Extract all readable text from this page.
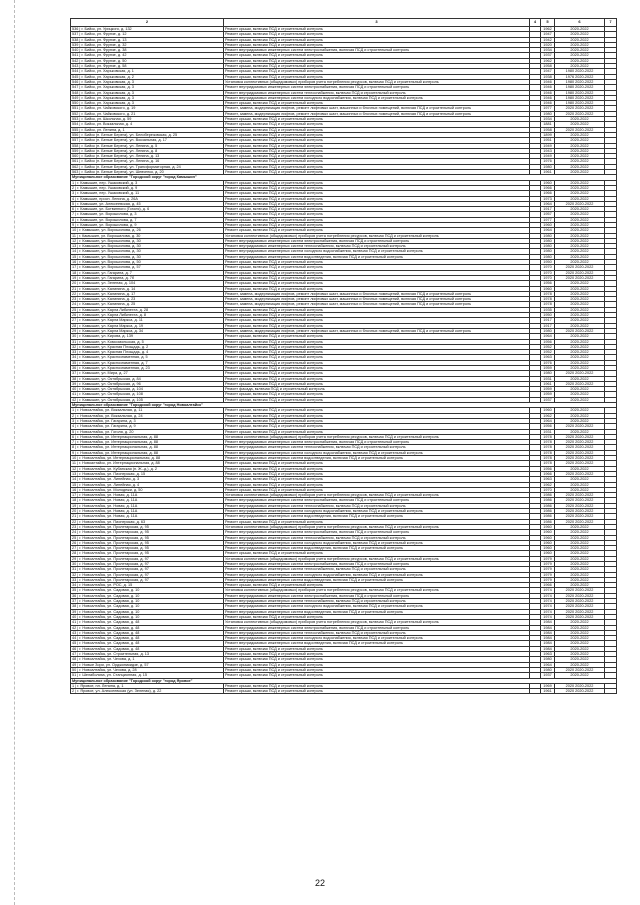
2	3	4	5	6	7
536 | г. Бийск, ул. Урицкого, д. 132	Ремонт крыши, включая ПСД и строительный контроль		1962	2020-2022	
537 | г. Бийск, ул. Фрунзе, д. 12	Ремонт крыши, включая ПСД и строительный контроль		1947	2020-2022	
538 | г. Бийск, ул. Фрунзе, д. 13	Ремонт крыши, включая ПСД и строительный контроль		1942	2020-2022	
539 | г. Бийск, ул. Фрунзе, д. 32	Ремонт крыши, включая ПСД и строительный контроль		1920	2020-2022	
540 | г. Бийск, ул. Фрунзе, д. 38	Ремонт внутридомовых инженерных систем электроснабжения, включая ПСД и строительный контроль		1934	2020-2022	
541 | г. Бийск, ул. Фрунзе, д. 42	Ремонт крыши, включая ПСД и строительный контроль		1937	2020-2022	
542 | г. Бийск, ул. Фрунзе, д. 50	Ремонт крыши, включая ПСД и строительный контроль		1962	2020-2022	
543 | г. Бийск, ул. Фрунзе, д. 58	Ремонт крыши, включая ПСД и строительный контроль		1958	2020-2022	
544 | г. Бийск, ул. Харьковская, д. 1	Ремонт крыши, включая ПСД и строительный контроль		1947	1980 2020-2022	
545 | г. Бийск, ул. Харьковская, д. 2	Ремонт крыши, включая ПСД и строительный контроль		1938	1976 2020-2022	
546 | г. Бийск, ул. Харьковская, д. 3	Установка коллективных (общедомовых) приборов учета потребления ресурсов, включая ПСД и строительный контроль		1946	1980 2020-2022	
547 | г. Бийск, ул. Харьковская, д. 3	Ремонт внутридомовых инженерных систем электроснабжения, включая ПСД и строительный контроль		1946	1980 2020-2022	
548 | г. Бийск, ул. Харьковская, д. 3	Ремонт внутридомовых инженерных систем теплоснабжения, включая ПСД и строительный контроль		1946	1980 2020-2022	
549 | г. Бийск, ул. Харьковская, д. 3	Ремонт внутридомовых инженерных систем холодного водоснабжения, включая ПСД и строительный контроль		1946	1980 2020-2022	
550 | г. Бийск, ул. Харьковская, д. 3	Ремонт крыши, включая ПСД и строительный контроль		1946	1980 2020-2022	
551 | г. Бийск, ул. Чайковского, д. 19	Ремонт, замена, модернизация лифтов, ремонт лифтовых шахт, машинных и блочных помещений, включая ПСД и строительный контроль		1977	2020 2020-2022	
552 | г. Бийск, ул. Чайковского, д. 21	Ремонт, замена, модернизация лифтов, ремонт лифтовых шахт, машинных и блочных помещений, включая ПСД и строительный контроль		1980	2020 2020-2022	
553 | г. Бийск, ул. Школьная, д. 59	Ремонт крыши, включая ПСД и строительный контроль		1934	2020-2022	
554 | г. Бийск, ул. Вокзальная, д. 4	Ремонт крыши, включая ПСД и строительный контроль		1881	2020-2022	
555 | г. Бийск, ул. Ленина, д. 1	Ремонт крыши, включая ПСД и строительный контроль		1958	2020 2020-2022	
556 | г. Бийск (п. Белые Берега), ул. Белоберезовская, д. 25	Ремонт крыши, включая ПСД и строительный контроль		1899	2020-2022	
557 | г. Бийск (п. Белые Берега), ул. Вокзальная, д. 17	Ремонт крыши, включая ПСД и строительный контроль		1951	2020-2022	
558 | г. Бийск (п. Белые Берега), ул. Ленина, д. 5	Ремонт крыши, включая ПСД и строительный контроль		1949	2020-2022	
559 | г. Бийск (п. Белые Берега), ул. Ленина, д. 8	Ремонт крыши, включая ПСД и строительный контроль		1943	2020-2022	
560 | г. Бийск (п. Белые Берега), ул. Ленина, д. 13	Ремонт крыши, включая ПСД и строительный контроль		1949	2020-2022	
561 | г. Бийск (п. Белые Берега), ул. Ленина, д. 16	Ремонт крыши, включая ПСД и строительный контроль		1976	2020-2022	
562 | г. Бийск (п. Белые Берега), ул. Трансформаторная, д. 24	Ремонт крыши, включая ПСД и строительный контроль		1980	2020-2022	
563 | г. Бийск (п. Белые Берега), ул. Шевченко, д. 20	Ремонт крыши, включая ПСД и строительный контроль		1961	2020-2022	
Муниципальное образование "Городской округ "город Камышин"					
1 | г. Камышин, пер. Ушаковский, д. 3	Ремонт крыши, включая ПСД и строительный контроль		1960	2020-2022	
2 | г. Камышин, пер. Ушаковский, д. 9	Ремонт крыши, включая ПСД и строительный контроль		1966	2020-2022	
3 | г. Камышин, пер. Ушаковский, д. 11	Ремонт крыши, включая ПСД и строительный контроль		1966	2020-2022	
4 | г. Камышин, просп. Ленина, д. 26А	Ремонт крыши, включая ПСД и строительный контроль		1973	2020-2022	
5 | г. Камышин, ул. Алексеевская, д. 45	Ремонт крыши, включая ПСД и строительный контроль		1964	2020 2020-2022	
6 | г. Камышин, ул. Ботвинного (Гоголя), д. 6	Ремонт крыши, включая ПСД и строительный контроль		1917	2020-2022	
7 | г. Камышин, ул. Ворошилова, д. 3	Ремонт крыши, включая ПСД и строительный контроль		1957	2020-2022	
8 | г. Камышин, ул. Ворошилова, д. 7	Ремонт крыши, включая ПСД и строительный контроль		1977	2020-2022	
9 | г. Камышин, ул. Ворошилова, д. 9	Ремонт крыши, включая ПСД и строительный контроль		1960	2020-2022	
10 | г. Камышин, ул. Ворошилова, д. 26	Ремонт крыши, включая ПСД и строительный контроль		1964	2020-2022	
11 | г. Камышин, ул. Ворошилова, д. 30	Установка коллективных (общедомовых) приборов учета потребления ресурсов, включая ПСД и строительный контроль		1980	2020-2022	
12 | г. Камышин, ул. Ворошилова, д. 30	Ремонт внутридомовых инженерных систем электроснабжения, включая ПСД и строительный контроль		1980	2020-2022	
13 | г. Камышин, ул. Ворошилова, д. 30	Ремонт внутридомовых инженерных систем теплоснабжения, включая ПСД и строительный контроль		1980	2020-2022	
14 | г. Камышин, ул. Ворошилова, д. 30	Ремонт внутридомовых инженерных систем холодного водоснабжения, включая ПСД и строительный контроль		1980	2020-2022	
15 | г. Камышин, ул. Ворошилова, д. 30	Ремонт внутридомовых инженерных систем водоотведения, включая ПСД и строительный контроль		1980	2020-2022	
16 | г. Камышин, ул. Ворошилова, д. 50	Ремонт крыши, включая ПСД и строительный контроль		1950	2020-2022	
17 | г. Камышин, ул. Ворошилова, д. 57	Ремонт крыши, включая ПСД и строительный контроль		1970	2020 2020-2022	
18 | г. Камышин, ул. Гагарина, д. 7	Ремонт крыши, включая ПСД и строительный контроль		1970	2020 2020-2022	
19 | г. Камышин, ул. Гагарина, д. 7б	Ремонт крыши, включая ПСД и строительный контроль		1970	2020 2020-2022	
20 | г. Камышин, ул. Зеленая, д. 104	Ремонт крыши, включая ПСД и строительный контроль		1956	2020-2022	
21 | г. Камышин, ул. Калинина, д. 14	Ремонт крыши, включая ПСД и строительный контроль		1960	2020-2022	
22 | г. Камышин, ул. Калинина, д. 17	Ремонт, замена, модернизация лифтов, ремонт лифтовых шахт, машинных и блочных помещений, включая ПСД и строительный контроль		1978	2020-2022	
23 | г. Камышин, ул. Калинина, д. 23	Ремонт, замена, модернизация лифтов, ремонт лифтовых шахт, машинных и блочных помещений, включая ПСД и строительный контроль		1978	2020-2022	
24 | г. Камышин, ул. Калинина, д. 25	Ремонт, замена, модернизация лифтов, ремонт лифтовых шахт, машинных и блочных помещений, включая ПСД и строительный контроль		1978	2020-2022	
25 | г. Камышин, ул. Карла Либкнехта, д. 28	Ремонт крыши, включая ПСД и строительный контроль		1935	2020-2022	
26 | г. Камышин, ул. Карла Либкнехта, д. 8	Ремонт крыши, включая ПСД и строительный контроль		1950	2020-2022	
27 | г. Камышин, ул. Карла Маркса, д. 11	Ремонт крыши, включая ПСД и строительный контроль		1917	2020-2022	
28 | г. Камышин, ул. Карла Маркса, д. 19	Ремонт крыши, включая ПСД и строительный контроль		1917	2020-2022	
29 | г. Камышин, ул. Карла Маркса, д. 34	Ремонт, замена, модернизация лифтов, ремонт лифтовых шахт, машинных и блочных помещений, включая ПСД и строительный контроль		1980	2020 2020-2022	
30 | г. Камышин, ул. Кирова, д. 139	Ремонт крыши, включая ПСД и строительный контроль		1964	2020-2022	
31 | г. Камышин, ул. Комсомольская, д. 5	Ремонт крыши, включая ПСД и строительный контроль		1956	2020-2022	
32 | г. Камышин, ул. Красная Площадь, д. 2	Ремонт крыши, включая ПСД и строительный контроль		1952	2020-2022	
33 | г. Камышин, ул. Красная Площадь, д. 4	Ремонт крыши, включая ПСД и строительный контроль		1952	2020-2022	
34 | г. Камышин, ул. Краснознаменная, д. 5	Ремонт крыши, включая ПСД и строительный контроль		1963	2020-2022	
35 | г. Камышин, ул. Краснознаменная, д. 7	Ремонт крыши, включая ПСД и строительный контроль		1976	2020-2022	
36 | г. Камышин, ул. Краснознаменная, д. 23	Ремонт крыши, включая ПСД и строительный контроль		1959	2020-2022	
37 | г. Камышин, ул. Мира, д. 27	Ремонт крыши, включая ПСД и строительный контроль		1980	2020 2020-2022	
38 | г. Камышин, ул. Октябрьская, д. 84	Ремонт крыши, включая ПСД и строительный контроль		1931	2020-2022	
39 | г. Камышин, ул. Октябрьская, д. 96	Ремонт крыши, включая ПСД и строительный контроль		1961	2020 2020-2022	
40 | г. Камышин, ул. Октябрьская, д. 104	Ремонт фасада, включая ПСД и строительный контроль		1959	2020-2022	
41 | г. Камышин, ул. Октябрьская, д. 108	Ремонт крыши, включая ПСД и строительный контроль		1959	2020-2022	
42 | г. Камышин, ул. Октябрьская, д. 105	Ремонт крыши, включая ПСД и строительный контроль		1937	2020-2022	
Муниципальное образование "Городской округ "город Новоалтайск"					
1 | г. Новоалтайск, ул. Вокзальная, д. 11	Ремонт крыши, включая ПСД и строительный контроль		1960	2020-2022	
2 | г. Новоалтайск, ул. Вокзальная, д. 24	Ремонт крыши, включая ПСД и строительный контроль		1962	2020-2022	
3 | г. Новоалтайск, ул. Гагарина, д. 3	Ремонт крыши, включая ПСД и строительный контроль		1964	2020-2022	
4 | г. Новоалтайск, ул. Гагарина, д. 9	Ремонт крыши, включая ПСД и строительный контроль		1956	2020 2020-2022	
5 | г. Новоалтайск, ул. Гоголя, д. 20	Ремонт крыши, включая ПСД и строительный контроль		1931	2020-2022	
6 | г. Новоалтайск, ул. Интернациональная, д. 88	Установка коллективных (общедомовых) приборов учета потребления ресурсов, включая ПСД и строительный контроль		1978	2020 2020-2022	
7 | г. Новоалтайск, ул. Интернациональная, д. 88	Ремонт внутридомовых инженерных систем электроснабжения, включая ПСД и строительный контроль		1978	2020 2020-2022	
8 | г. Новоалтайск, ул. Интернациональная, д. 88	Ремонт внутридомовых инженерных систем теплоснабжения, включая ПСД и строительный контроль		1978	2020 2020-2022	
9 | г. Новоалтайск, ул. Интернациональная, д. 88	Ремонт внутридомовых инженерных систем холодного водоснабжения, включая ПСД и строительный контроль		1978	2020 2020-2022	
10 | г. Новоалтайск, ул. Интернациональная, д. 88	Ремонт внутридомовых инженерных систем водоотведения, включая ПСД и строительный контроль		1978	2020 2020-2022	
11 | г. Новоалтайск, ул. Интернациональная, д. 88	Ремонт крыши, включая ПСД и строительный контроль		1978	2020 2020-2022	
12 | г. Новоалтайск, ул. Кубанская (п. Ж.-д.), д. 2	Ремонт крыши, включая ПСД и строительный контроль		1956	2020-2022	
13 | г. Новоалтайск, ул. Пионерская, д. 15	Ремонт крыши, включая ПСД и строительный контроль		1966	2020 2020-2022	
14 | г. Новоалтайск, ул. Линейная, д. 3	Ремонт крыши, включая ПСД и строительный контроль		1963	2020-2022	
15 | г. Новоалтайск, ул. Линейная, д. 4	Ремонт крыши, включая ПСД и строительный контроль		1962	2020-2022	
16 | г. Новоалтайск, ул. Молодежи, д. 50	Ремонт крыши, включая ПСД и строительный контроль		1970	2020-2022	
17 | г. Новоалтайск, ул. Новая, д. 11А	Установка коллективных (общедомовых) приборов учета потребления ресурсов, включая ПСД и строительный контроль		1986	2020 2020-2022	
18 | г. Новоалтайск, ул. Новая, д. 11А	Ремонт внутридомовых инженерных систем электроснабжения, включая ПСД и строительный контроль		1986	2020 2020-2022	
19 | г. Новоалтайск, ул. Новая, д. 11А	Ремонт внутридомовых инженерных систем теплоснабжения, включая ПСД и строительный контроль		1986	2020 2020-2022	
20 | г. Новоалтайск, ул. Новая, д. 11А	Ремонт внутридомовых инженерных систем холодного водоснабжения, включая ПСД и строительный контроль		1986	2020 2020-2022	
21 | г. Новоалтайск, ул. Новая, д. 11А	Ремонт внутридомовых инженерных систем водоотведения, включая ПСД и строительный контроль		1986	2020 2020-2022	
22 | г. Новоалтайск, ул. Пионерская, д. 63	Ремонт крыши, включая ПСД и строительный контроль		1986	2020 2020-2022	
23 | г. Новоалтайск, ул. Пролетарская, д. 95	Установка коллективных (общедомовых) приборов учета потребления ресурсов, включая ПСД и строительный контроль		1960	2020-2022	
24 | г. Новоалтайск, ул. Пролетарская, д. 95	Ремонт внутридомовых инженерных систем электроснабжения, включая ПСД и строительный контроль		1960	2020-2022	
25 | г. Новоалтайск, ул. Пролетарская, д. 95	Ремонт внутридомовых инженерных систем теплоснабжения, включая ПСД и строительный контроль		1960	2020-2022	
26 | г. Новоалтайск, ул. Пролетарская, д. 95	Ремонт внутридомовых инженерных систем холодного водоснабжения, включая ПСД и строительный контроль		1960	2020-2022	
27 | г. Новоалтайск, ул. Пролетарская, д. 95	Ремонт внутридомовых инженерных систем водоотведения, включая ПСД и строительный контроль		1960	2020-2022	
28 | г. Новоалтайск, ул. Пролетарская, д. 95	Ремонт крыши, включая ПСД и строительный контроль		1960	2020-2022	
29 | г. Новоалтайск, ул. Пролетарская, д. 97	Установка коллективных (общедомовых) приборов учета потребления ресурсов, включая ПСД и строительный контроль		1979	2020-2022	
30 | г. Новоалтайск, ул. Пролетарская, д. 97	Ремонт внутридомовых инженерных систем электроснабжения, включая ПСД и строительный контроль		1979	2020-2022	
31 | г. Новоалтайск, ул. Пролетарская, д. 97	Ремонт внутридомовых инженерных систем теплоснабжения, включая ПСД и строительный контроль		1979	2020-2022	
32 | г. Новоалтайск, ул. Пролетарская, д. 97	Ремонт внутридомовых инженерных систем холодного водоснабжения, включая ПСД и строительный контроль		1979	2020-2022	
33 | г. Новоалтайск, ул. Пролетарская, д. 97	Ремонт внутридомовых инженерных систем водоотведения, включая ПСД и строительный контроль		1979	2020-2022	
34 | г. Новоалтайск, ул. РОС, д. 15	Ремонт крыши, включая ПСД и строительный контроль		1966	2020-2022	
35 | г. Новоалтайск, ул. Садовая, д. 10	Установка коллективных (общедомовых) приборов учета потребления ресурсов, включая ПСД и строительный контроль		1974	2020 2020-2022	
36 | г. Новоалтайск, ул. Садовая, д. 10	Ремонт внутридомовых инженерных систем электроснабжения, включая ПСД и строительный контроль		1974	2020 2020-2022	
37 | г. Новоалтайск, ул. Садовая, д. 10	Ремонт внутридомовых инженерных систем теплоснабжения, включая ПСД и строительный контроль		1974	2020 2020-2022	
38 | г. Новоалтайск, ул. Садовая, д. 10	Ремонт внутридомовых инженерных систем холодного водоснабжения, включая ПСД и строительный контроль		1974	2020 2020-2022	
39 | г. Новоалтайск, ул. Садовая, д. 10	Ремонт внутридомовых инженерных систем водоотведения, включая ПСД и строительный контроль		1974	2020 2020-2022	
40 | г. Новоалтайск, ул. Садовая, д. 10	Ремонт крыши, включая ПСД и строительный контроль		1974	2020 2020-2022	
41 | г. Новоалтайск, ул. Садовая, д. 48	Установка коллективных (общедомовых) приборов учета потребления ресурсов, включая ПСД и строительный контроль		1984	2020-2022	
42 | г. Новоалтайск, ул. Садовая, д. 48	Ремонт внутридомовых инженерных систем электроснабжения, включая ПСД и строительный контроль		1984	2020-2022	
43 | г. Новоалтайск, ул. Садовая, д. 48	Ремонт внутридомовых инженерных систем теплоснабжения, включая ПСД и строительный контроль		1984	2020-2022	
44 | г. Новоалтайск, ул. Садовая, д. 48	Ремонт внутридомовых инженерных систем холодного водоснабжения, включая ПСД и строительный контроль		1984	2020-2022	
45 | г. Новоалтайск, ул. Садовая, д. 48	Ремонт внутридомовых инженерных систем водоотведения, включая ПСД и строительный контроль		1984	2020-2022	
46 | г. Новоалтайск, ул. Садовая, д. 48	Ремонт крыши, включая ПСД и строительный контроль		1984	2020-2022	
47 | г. Новоалтайск, ул. Строительная, д. 13	Ремонт крыши, включая ПСД и строительный контроль		1963	2020-2022	
48 | г. Новоалтайск, ул. Чехова, д. 1	Ремонт крыши, включая ПСД и строительный контроль		1980	2020-2022	
49 | г. Новые Зори, ул. Орджоникидзе, д. 57	Ремонт крыши, включая ПСД и строительный контроль		1964	2020-2022	
50 | г. Новоалтайск, ул. Чехова, д. 28	Ремонт крыши, включая ПСД и строительный контроль		1980	2020 2020-2022	
51 | г. Шелаболиха, ул. Станционная, д. 15	Ремонт крыши, включая ПСД и строительный контроль		1937	2020-2022	
Муниципальное образование "Городской округ "город Яровое"					
1 | г. Яровое, пл. Ленина, д. 1	Ремонт крыши, включая ПСД и строительный контроль		1969	2020 2020-2022	
2 | г. Яровое, ул. Алексеевская (ул. Зеленая), д. 22	Ремонт крыши, включая ПСД и строительный контроль		1961	2020 2020-2022	
22
